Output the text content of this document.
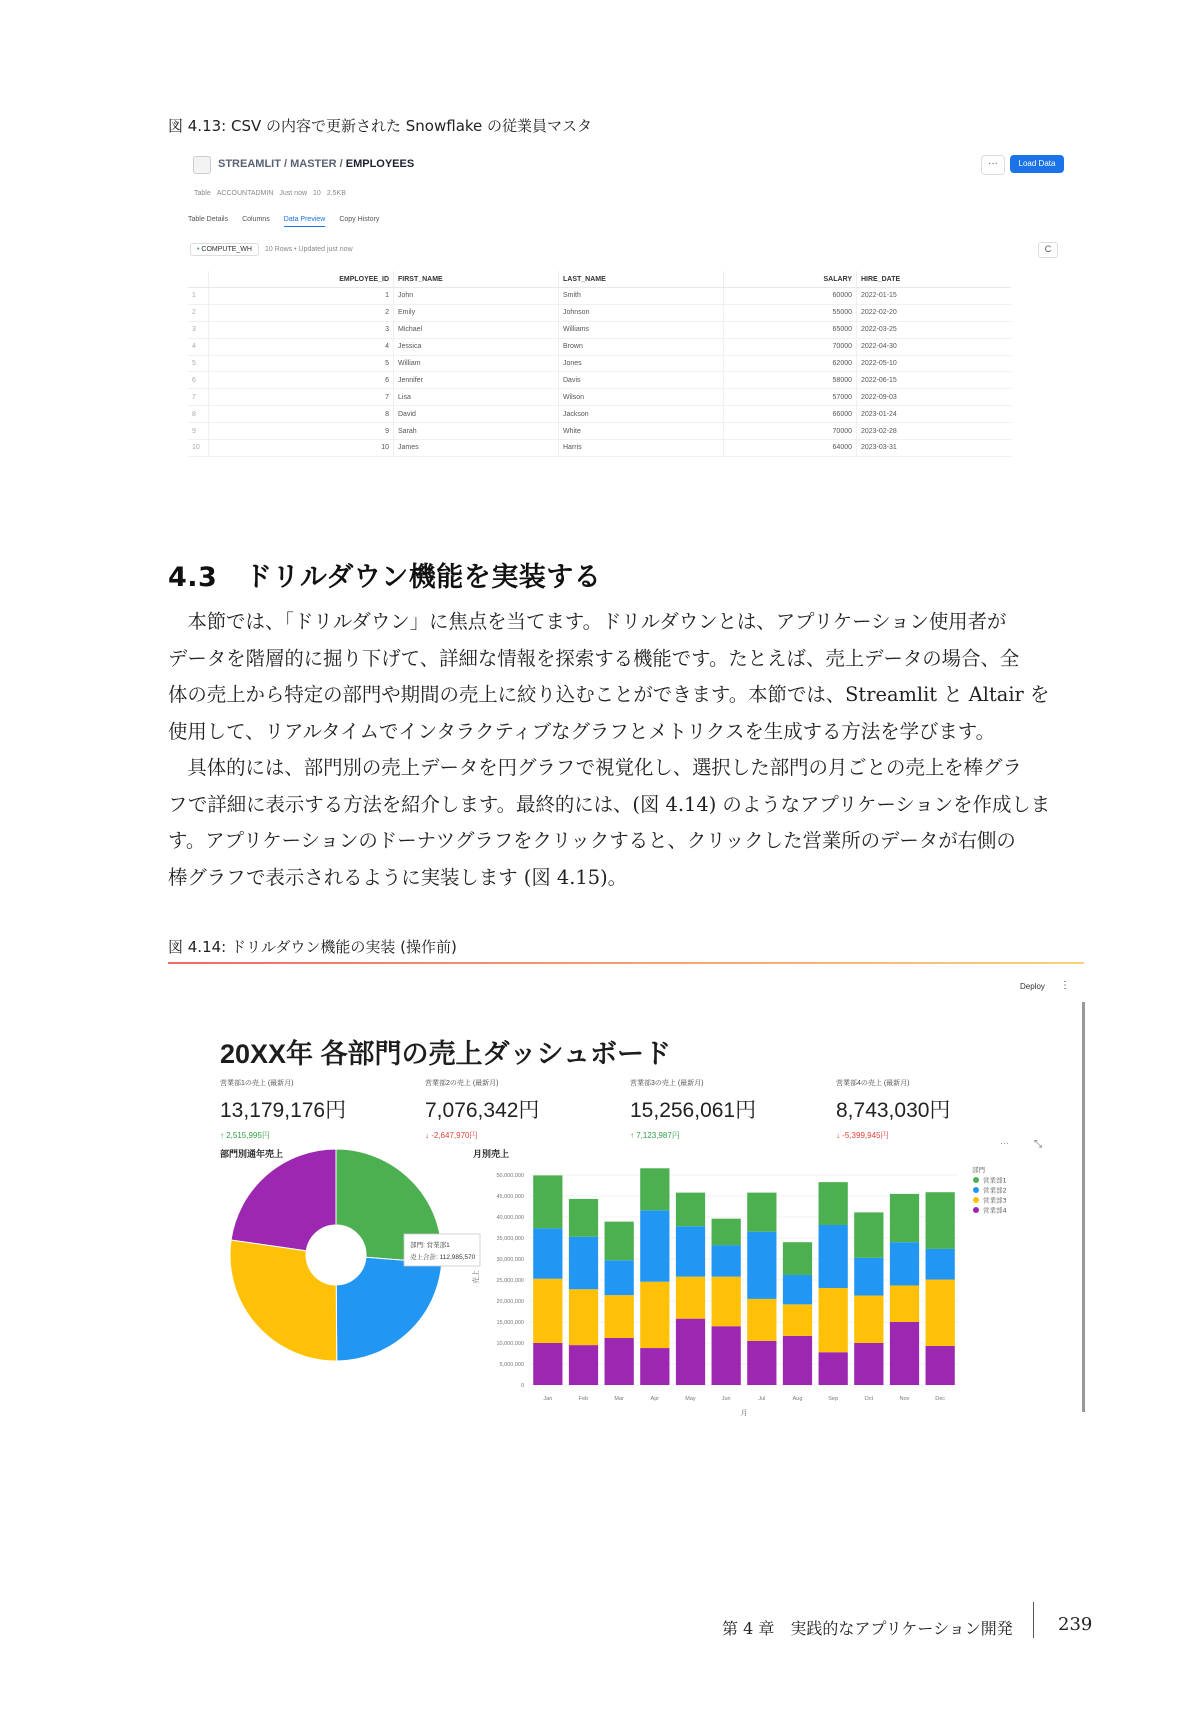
図 4.13: CSV の内容で更新された Snowflake の従業員マスタ
STREAMLIT / MASTER / EMPLOYEES	···	Load Data
Table ACCOUNTADMIN Just now 10 2.5KB
Table Details Columns Data Preview Copy History
• COMPUTE_WH	10 Rows • Updated just now	C
	EMPLOYEE_ID	FIRST_NAME	LAST_NAME	SALARY	HIRE_DATE
1	1	John	Smith	60000	2022-01-15
2	2	Emily	Johnson	55000	2022-02-20
3	3	Michael	Williams	65000	2022-03-25
4	4	Jessica	Brown	70000	2022-04-30
5	5	William	Jones	62000	2022-05-10
6	6	Jennifer	Davis	58000	2022-06-15
7	7	Lisa	Wilson	57000	2022-09-03
8	8	David	Jackson	66000	2023-01-24
9	9	Sarah	White	70000	2023-02-28
10	10	James	Harris	64000	2023-03-31
4.3　ドリルダウン機能を実装する
　本節では、「ドリルダウン」に焦点を当てます。ドリルダウンとは、アプリケーション使用者が
データを階層的に掘り下げて、詳細な情報を探索する機能です。たとえば、売上データの場合、全
体の売上から特定の部門や期間の売上に絞り込むことができます。本節では、Streamlit と Altair を
使用して、リアルタイムでインタラクティブなグラフとメトリクスを生成する方法を学びます。
　具体的には、部門別の売上データを円グラフで視覚化し、選択した部門の月ごとの売上を棒グラ
フで詳細に表示する方法を紹介します。最終的には、(図 4.14) のようなアプリケーションを作成しま
す。アプリケーションのドーナツグラフをクリックすると、クリックした営業所のデータが右側の
棒グラフで表示されるように実装します (図 4.15)。
図 4.14: ドリルダウン機能の実装 (操作前)
Deploy ⋮
20XX年 各部門の売上ダッシュボード
営業部1の売上 (最新月)
13,179,176円
↑ 2,515,995円
営業部2の売上 (最新月)
7,076,342円
↓ -2,647,970円
営業部3の売上 (最新月)
15,256,061円
↑ 7,123,987円
営業部4の売上 (最新月)
8,743,030円
↓ -5,399,945円
部門別通年売上	月別売上
部門: 営業部1
売上合計: 112,985,570
0
5,000,000
10,000,000
15,000,000
20,000,000
25,000,000
30,000,000
35,000,000
40,000,000
45,000,000
50,000,000
売上
Jan	Feb	Mar	Apr	May	Jun	Jul	Aug	Sep	Oct	Nov	Dec
月
部門
営業部1
営業部2
営業部3
営業部4
···	⤡
第 4 章　実践的なアプリケーション開発	239
